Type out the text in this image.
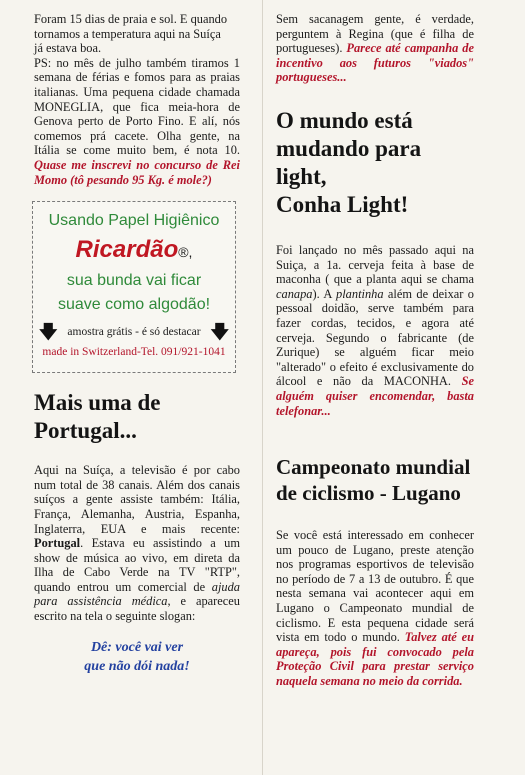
Foram 15 dias de praia e sol. E quando
tornamos a temperatura aqui na Suíça
já estava boa.

PS: no mês de julho também tiramos 1 semana de férias e fomos para as praias italianas. Uma pequena cidade chamada MONEGLIA, que fica meia-hora de Genova perto de Porto Fino. E alí, nós comemos prá cacete. Olha gente, na Itália se come muito bem, é nota 10. Quase me inscrevi no concurso de Rei Momo (tô pesando 95 Kg. é mole?)

Usando Papel Higiênico
Ricardão®,
sua bunda vai ficar
suave como algodão!
🡇 amostra grátis - é só destacar 🡇
made in Switzerland-Tel. 091/921-1041
Mais uma de
Portugal...

Aqui na Suíça, a televisão é por cabo num total de 38 canais. Além dos canais suíços a gente assiste também: Itália, França, Alemanha, Austria, Espanha, Inglaterra, EUA e mais recente: Portugal. Estava eu assistindo a um show de música ao vivo, em direta da Ilha de Cabo Verde na TV "RTP", quando entrou um comercial de ajuda para assistência médica, e apareceu escrito na tela o seguinte slogan:

Dê: você vai ver
que não dói nada!

Sem sacanagem gente, é verdade, perguntem à Regina (que é filha de portugueses). Parece até campanha de incentivo aos futuros "viados" portugueses...

O mundo está
mudando para light,
Conha Light!

Foi lançado no mês passado aqui na Suiça, a 1a. cerveja feita à base de maconha ( que a planta aqui se chama canapa). A plantinha além de deixar o pessoal doidão, serve também para fazer cordas, tecidos, e agora até cerveja. Segundo o fabricante (de Zurique) se alguém ficar meio "alterado" o efeito é exclusivamente do álcool e não da MACONHA. Se alguém quiser encomendar, basta telefonar...

Campeonato mundial
de ciclismo - Lugano

Se você está interessado em conhecer um pouco de Lugano, preste atenção nos programas esportivos de televisão no período de 7 a 13 de outubro. É que nesta semana vai acontecer aqui em Lugano o Campeonato mundial de ciclismo. E esta pequena cidade será vista em todo o mundo. Talvez até eu apareça, pois fui convocado pela Proteção Civil para prestar serviço naquela semana no meio da corrida.
